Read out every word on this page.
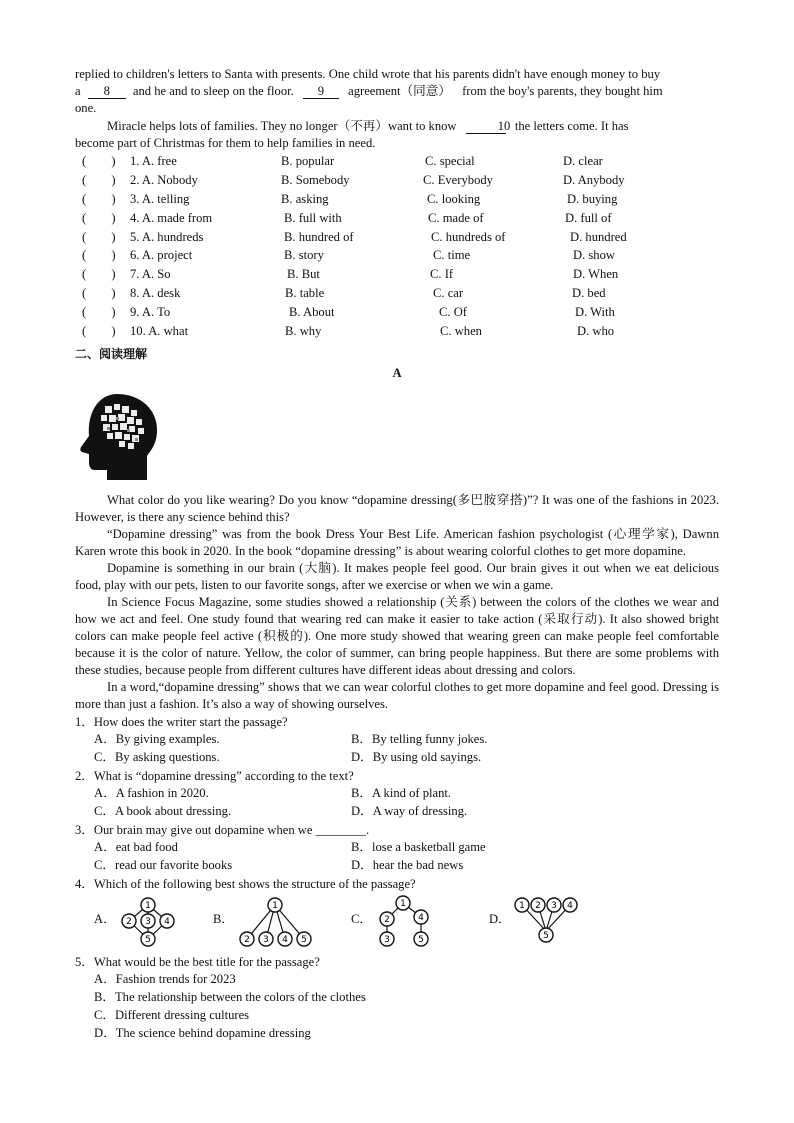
replied to children's letters to Santa with presents. One child wrote that his parents didn't have enough money to buy

a 8 and he and to sleep on the floor. 9 agreement（同意） from the boy's parents, they bought him

one.

Miracle helps lots of families. They no longer（不再）want to know	10 the letters come. It has

become part of Christmas for them to help families in need.

(　　) 1. A. free	B. popular	C. special	D. clear
(　　) 2. A. Nobody	B. Somebody	C. Everybody	D. Anybody
(　　) 3. A. telling	B. asking	C. looking	D. buying
(　　) 4. A. made from	B. full with	C. made of	D. full of
(　　) 5. A. hundreds	B. hundred of	C. hundreds of	D. hundred
(　　) 6. A. project	B. story	C. time	D. show
(　　) 7. A. So	B. But	C. If	D. When
(　　) 8. A. desk	B. table	C. car	D. bed
(　　) 9. A. To	B. About	C. Of	D. With
(　　) 10. A. what	B. why	C. when	D. who
二、阅读理解
A

What color do you like wearing? Do you know “dopamine dressing(多巴胺穿搭)”? It was one of the fashions in 2023. However, is there any science behind this?

“Dopamine dressing” was from the book Dress Your Best Life. American fashion psychologist (心理学家), Dawnn Karen wrote this book in 2020. In the book “dopamine dressing” is about wearing colorful clothes to get more dopamine.

Dopamine is something in our brain (大脑). It makes people feel good. Our brain gives it out when we eat delicious food, play with our pets, listen to our favorite songs, after we exercise or when we win a game.

In Science Focus Magazine, some studies showed a relationship (关系) between the colors of the clothes we wear and how we act and feel. One study found that wearing red can make it easier to take action (采取行动). It also showed bright colors can make people feel active (积极的). One more study showed that wearing green can make people feel comfortable because it is the color of nature. Yellow, the color of summer, can bring people happiness. But there are some problems with these studies, because people from different cultures have different ideas about dressing and colors.

In a word,“dopamine dressing” shows that we can wear colorful clothes to get more dopamine and feel good. Dressing is more than just a fashion. It’s also a way of showing ourselves.

1．How does the writer start the passage?

A．By giving examples.	B．By telling funny jokes.
C．By asking questions.	D．By using old sayings.

2．What is “dopamine dressing” according to the text?

A．A fashion in 2020.	B．A kind of plant.
C．A book about dressing.	D．A way of dressing.

3．Our brain may give out dopamine when we ________.

A．eat bad food	B．lose a basketball game
C．read our favorite books	D．hear the bad news

4．Which of the following best shows the structure of the passage?

A．
1
2 3 4
5
B．
1
2 3 4 5
C．
1
2	4
3	5
D．
1 2 3 4
5

5．What would be the best title for the passage?

A．Fashion trends for 2023

B．The relationship between the colors of the clothes

C．Different dressing cultures

D．The science behind dopamine dressing
